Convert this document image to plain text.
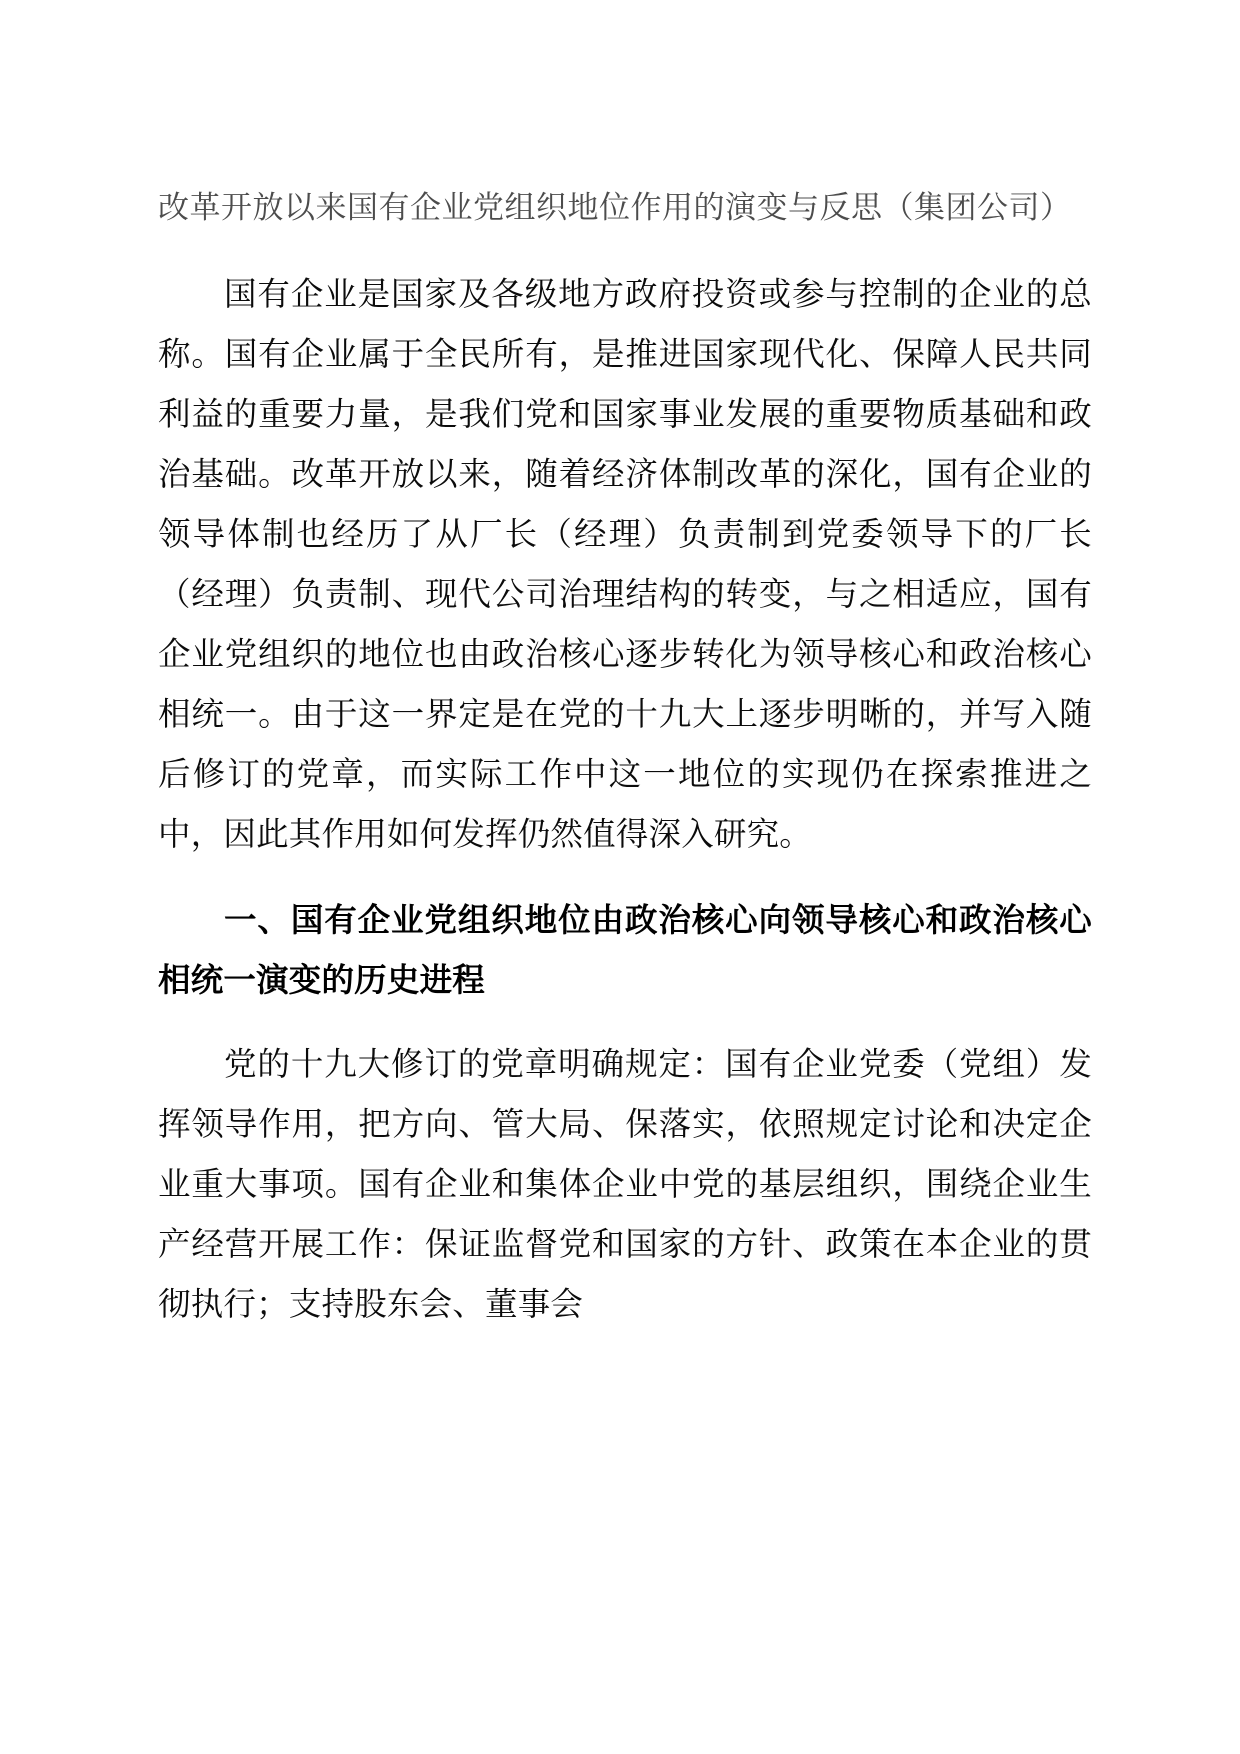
改革开放以来国有企业党组织地位作用的演变与反思（集团公司）

国有企业是国家及各级地方政府投资或参与控制的企业的总称。国有企业属于全民所有，是推进国家现代化、保障人民共同利益的重要力量，是我们党和国家事业发展的重要物质基础和政治基础。改革开放以来，随着经济体制改革的深化，国有企业的领导体制也经历了从厂长（经理）负责制到党委领导下的厂长（经理）负责制、现代公司治理结构的转变，与之相适应，国有企业党组织的地位也由政治核心逐步转化为领导核心和政治核心相统一。由于这一界定是在党的十九大上逐步明晰的，并写入随后修订的党章，而实际工作中这一地位的实现仍在探索推进之中，因此其作用如何发挥仍然值得深入研究。

一、国有企业党组织地位由政治核心向领导核心和政治核心相统一演变的历史进程

党的十九大修订的党章明确规定：国有企业党委（党组）发挥领导作用，把方向、管大局、保落实，依照规定讨论和决定企业重大事项。国有企业和集体企业中党的基层组织，围绕企业生产经营开展工作：保证监督党和国家的方针、政策在本企业的贯彻执行；支持股东会、董事会
